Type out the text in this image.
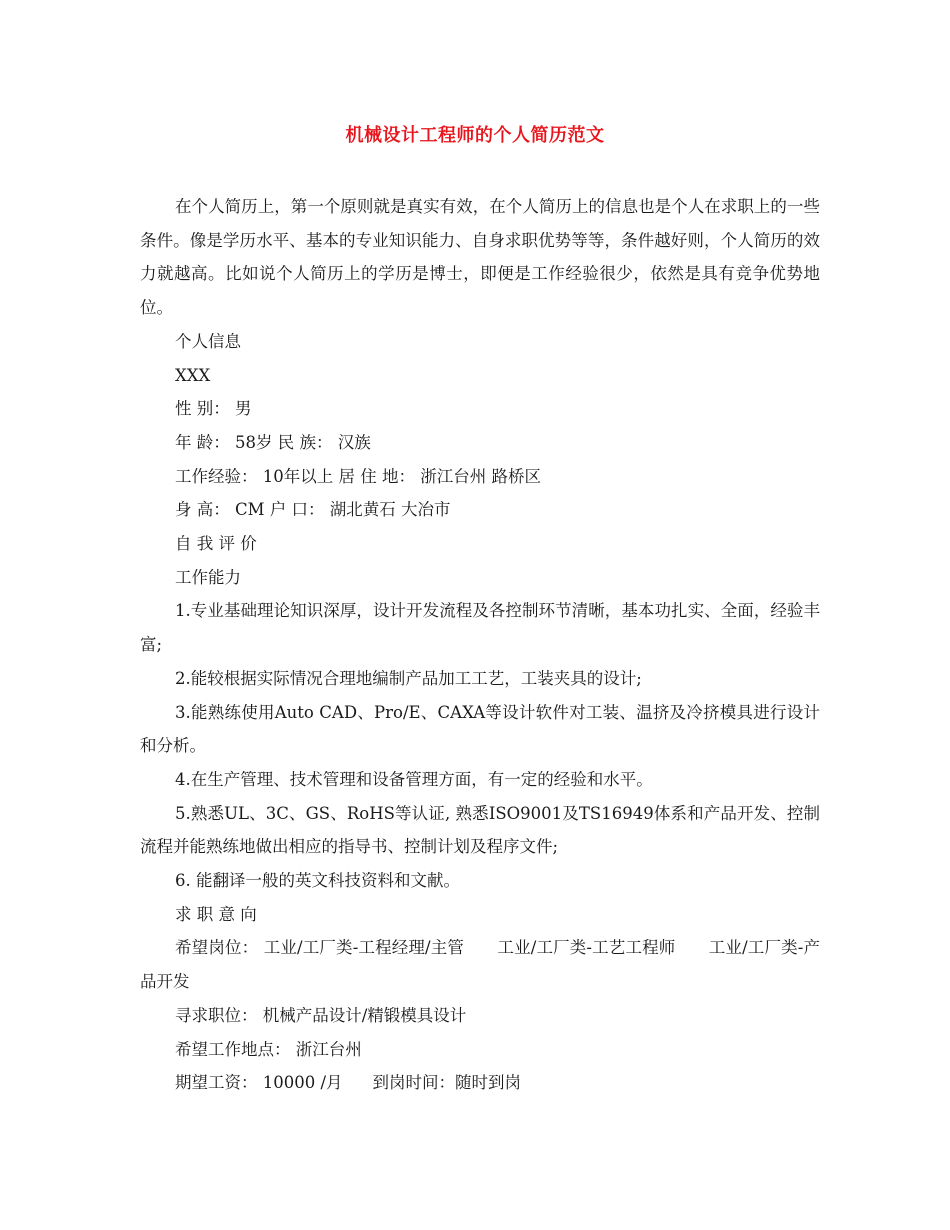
机械设计工程师的个人简历范文

在个人简历上，第一个原则就是真实有效，在个人简历上的信息也是个人在求职上的一些条件。像是学历水平、基本的专业知识能力、自身求职优势等等，条件越好则，个人简历的效力就越高。比如说个人简历上的学历是博士，即便是工作经验很少，依然是具有竞争优势地位。

个人信息

XXX

性 别： 男

年 龄： 58岁 民 族： 汉族

工作经验： 10年以上 居 住 地： 浙江台州 路桥区

身 高： CM 户 口： 湖北黄石 大冶市

自 我 评 价

工作能力

1.专业基础理论知识深厚，设计开发流程及各控制环节清晰，基本功扎实、全面，经验丰富;

2.能较根据实际情况合理地编制产品加工工艺，工装夹具的设计;

3.能熟练使用Auto CAD、Pro/E、CAXA等设计软件对工装、温挤及冷挤模具进行设计和分析。

4.在生产管理、技术管理和设备管理方面，有一定的经验和水平。

5.熟悉UL、3C、GS、RoHS等认证, 熟悉ISO9001及TS16949体系和产品开发、控制流程并能熟练地做出相应的指导书、控制计划及程序文件;

6. 能翻译一般的英文科技资料和文献。

求 职 意 向

希望岗位： 工业/工厂类-工程经理/主管　　工业/工厂类-工艺工程师　　工业/工厂类-产品开发

寻求职位： 机械产品设计/精锻模具设计

希望工作地点： 浙江台州

期望工资： 10000 /月 到岗时间：随时到岗
